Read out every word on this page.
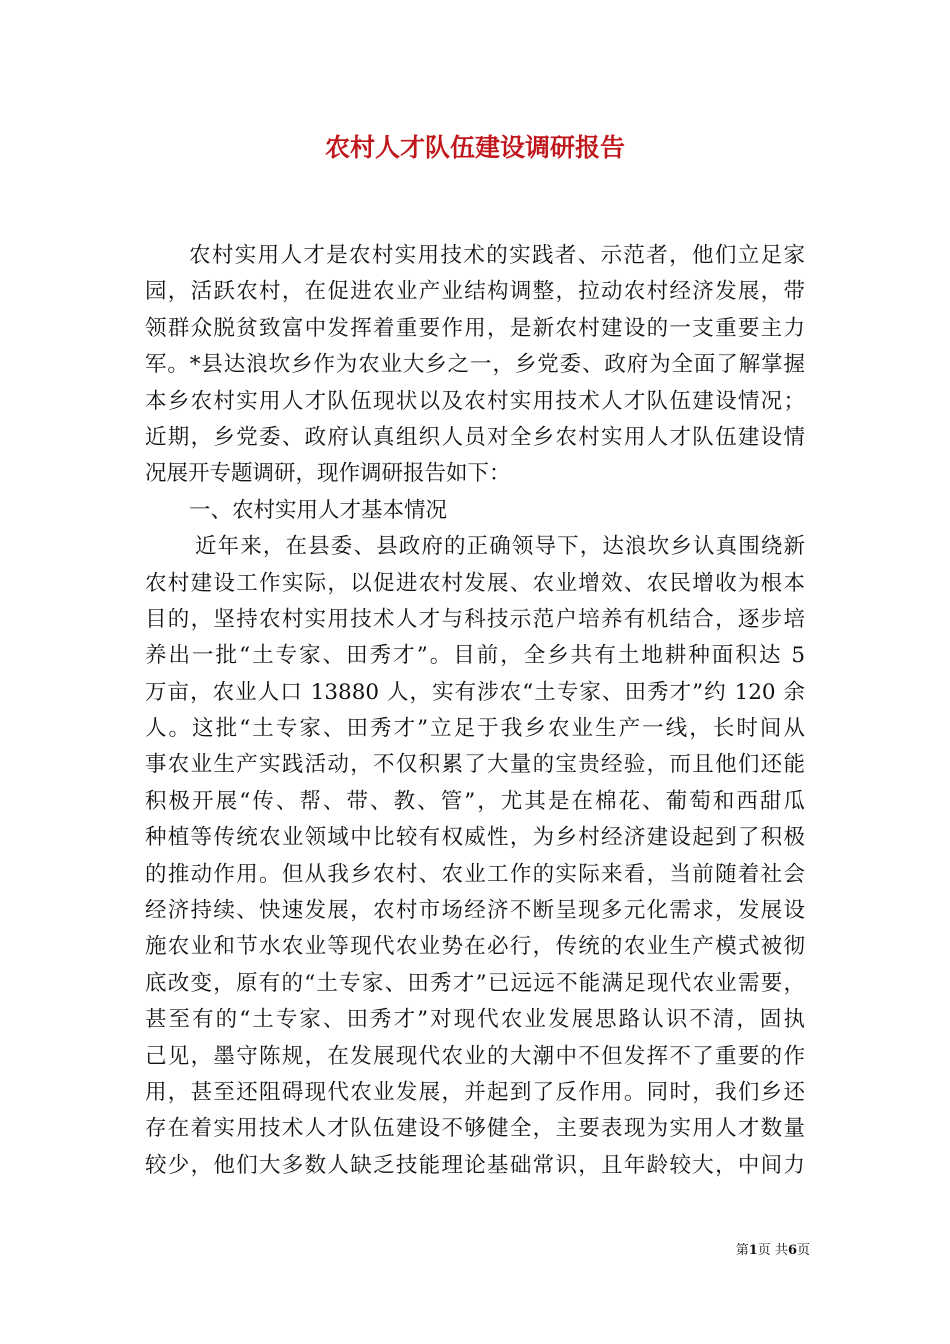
农村人才队伍建设调研报告
农村实用人才是农村实用技术的实践者、示范者，他们立足家
园，活跃农村，在促进农业产业结构调整，拉动农村经济发展，带
领群众脱贫致富中发挥着重要作用，是新农村建设的一支重要主力
军。*县达浪坎乡作为农业大乡之一，乡党委、政府为全面了解掌握
本乡农村实用人才队伍现状以及农村实用技术人才队伍建设情况；
近期，乡党委、政府认真组织人员对全乡农村实用人才队伍建设情
况展开专题调研，现作调研报告如下：
一、农村实用人才基本情况
近年来，在县委、县政府的正确领导下，达浪坎乡认真围绕新
农村建设工作实际，以促进农村发展、农业增效、农民增收为根本
目的，坚持农村实用技术人才与科技示范户培养有机结合，逐步培
养出一批“土专家、田秀才”。目前，全乡共有土地耕种面积达 5
万亩，农业人口 13880 人，实有涉农“土专家、田秀才”约 120 余
人。这批“土专家、田秀才”立足于我乡农业生产一线，长时间从
事农业生产实践活动，不仅积累了大量的宝贵经验，而且他们还能
积极开展“传、帮、带、教、管”，尤其是在棉花、葡萄和西甜瓜
种植等传统农业领域中比较有权威性，为乡村经济建设起到了积极
的推动作用。但从我乡农村、农业工作的实际来看，当前随着社会
经济持续、快速发展，农村市场经济不断呈现多元化需求，发展设
施农业和节水农业等现代农业势在必行，传统的农业生产模式被彻
底改变，原有的“土专家、田秀才”已远远不能满足现代农业需要，
甚至有的“土专家、田秀才”对现代农业发展思路认识不清，固执
己见，墨守陈规，在发展现代农业的大潮中不但发挥不了重要的作
用，甚至还阻碍现代农业发展，并起到了反作用。同时，我们乡还
存在着实用技术人才队伍建设不够健全，主要表现为实用人才数量
较少，他们大多数人缺乏技能理论基础常识，且年龄较大，中间力
第1页 共6页
